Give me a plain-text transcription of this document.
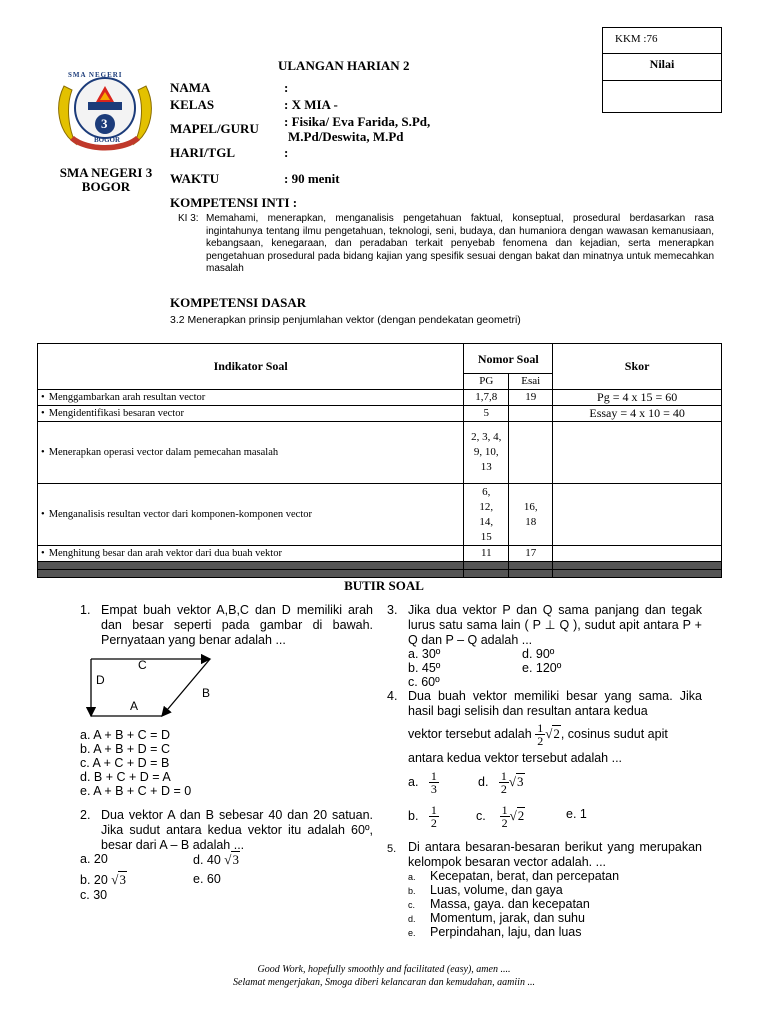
KKM :76
Nilai
ULANGAN HARIAN 2
SMA NEGERI
3
BOGOR
SMA NEGERI 3
BOGOR
NAMA	:
KELAS	: X MIA -
MAPEL/GURU : Fisika/ Eva Farida, S.Pd,
M.Pd/Deswita, M.Pd
HARI/TGL	:
WAKTU	: 90 menit
KOMPETENSI INTI :
KI 3: Memahami, menerapkan, menganalisis pengetahuan faktual, konseptual, prosedural berdasarkan rasa ingintahunya tentang ilmu pengetahuan, teknologi, seni, budaya, dan humaniora dengan wawasan kemanusiaan, kebangsaan, kenegaraan, dan peradaban terkait penyebab fenomena dan kejadian, serta menerapkan pengetahuan prosedural pada bidang kajian yang spesifik sesuai dengan bakat dan minatnya untuk memecahkan masalah
KOMPETENSI DASAR
3.2 Menerapkan prinsip penjumlahan vektor (dengan pendekatan geometri)
Indikator Soal	Nomor Soal		Skor
	PG	Esai	
• Menggambarkan arah resultan vector	1,7,8	19	Pg = 4 x 15 = 60
• Mengidentifikasi besaran vector	5		Essay = 4 x 10 = 40
• Menerapkan operasi vector dalam pemecahan masalah	2, 3, 4, 9, 10, 13		
• Menganalisis resultan vector dari komponen-komponen vector	6, 12, 14, 15	16, 18	
• Menghitung besar dan arah vektor dari dua buah vektor	11	17	

BUTIR SOAL
1. Empat buah vektor A,B,C dan D memiliki arah dan besar seperti pada gambar di bawah. Pernyataan yang benar adalah ...
C
D
A
B
a. A + B + C = D
b. A + B + D = C
c. A + C + D = B
d. B + C + D = A
e. A + B + C + D = 0
2. Dua vektor A dan B sebesar 40 dan 20 satuan. Jika sudut antara kedua vektor itu adalah 60º, besar dari A – B adalah ...
a. 20	d. 40 √3
b. 20 √3	e. 60
c. 30
3. Jika dua vektor P dan Q sama panjang dan tegak lurus satu sama lain ( P ⊥ Q ), sudut apit antara P + Q dan P – Q adalah ...
a. 30º	d. 90º
b. 45º	e. 120º
c. 60º
4. Dua buah vektor memiliki besar yang sama. Jika hasil bagi selisih dan resultan antara kedua
vektor tersebut adalah $\frac{1}{2} √2$, cosinus sudut apit
antara kedua vektor tersebut adalah ...
a. $\frac{1}{3}$	d. $\frac{1}{2} √3$
b. $\frac{1}{2}$	c. $\frac{1}{2} √2$	e. 1
5. Di antara besaran-besaran berikut yang merupakan kelompok besaran vector adalah. ...
a. Kecepatan, berat, dan percepatan
b. Luas, volume, dan gaya
c. Massa, gaya. dan kecepatan
d. Momentum, jarak, dan suhu
e. Perpindahan, laju, dan luas
Good Work, hopefully smoothly and facilitated (easy), amen ....
Selamat mengerjakan, Smoga diberi kelancaran dan kemudahan, aamiin ...
